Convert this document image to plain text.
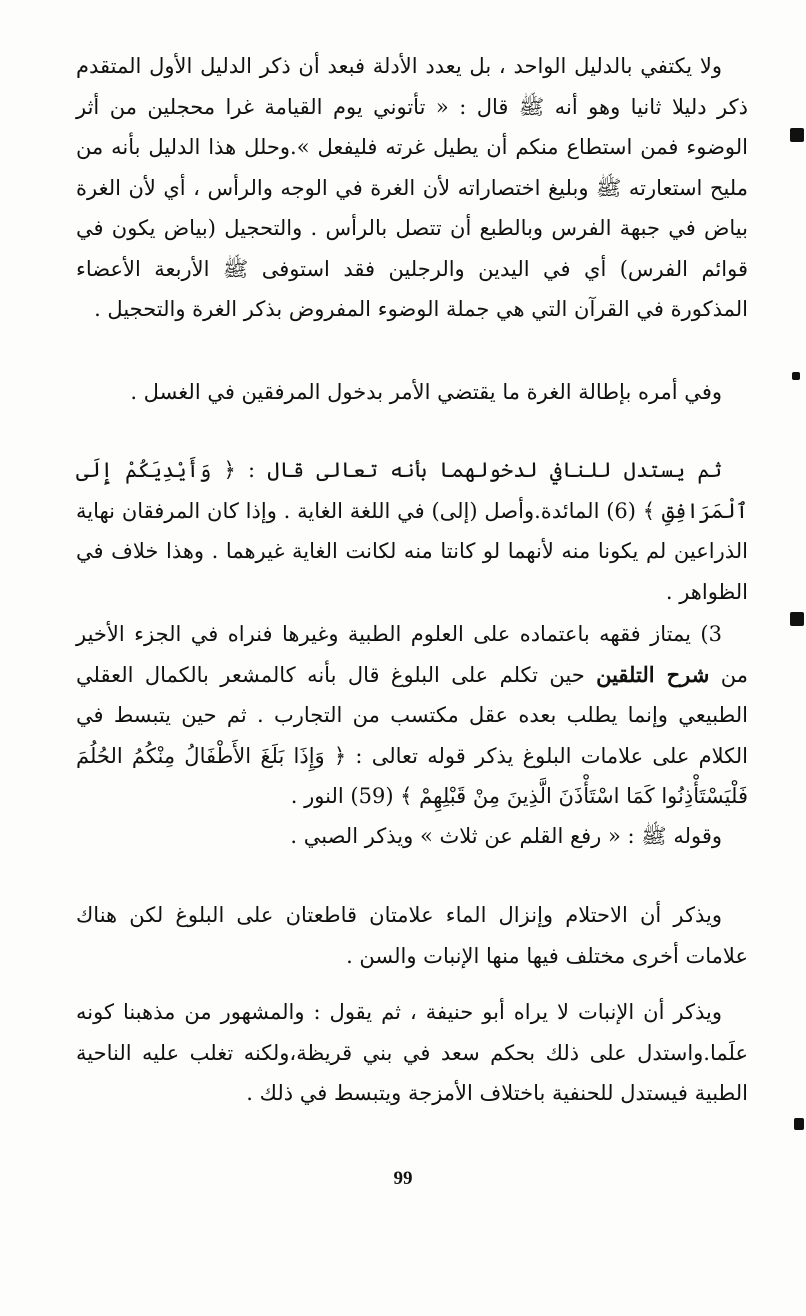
ولا يكتفي بالدليل الواحد ، بل يعدد الأدلة فبعد أن ذكر الدليل الأول المتقدم ذكر دليلا ثانيا وهو أنه ﷺ قال : « تأتوني يوم القيامة غرا محجلين من أثر الوضوء فمن استطاع منكم أن يطيل غرته فليفعل ».وحلل هذا الدليل بأنه من مليح استعارته ﷺ وبليغ اختصاراته لأن الغرة في الوجه والرأس ، أي لأن الغرة بياض في جبهة الفرس وبالطبع أن تتصل بالرأس . والتحجيل (بياض يكون في قوائم الفرس) أي في اليدين والرجلين فقد استوفى ﷺ الأربعة الأعضاء المذكورة في القرآن التي هي جملة الوضوء المفروض بذكر الغرة والتحجيل .

وفي أمره بإطالة الغرة ما يقتضي الأمر بدخول المرفقين في الغسل .

ثم يستدل للنافي لدخولهما بأنه تعالى قال : ﴿ وَأَيْدِيَكُمْ إِلَى ٱلْمَرَافِقِ ﴾ (6) المائدة.وأصل (إلى) في اللغة الغاية . وإذا كان المرفقان نهاية الذراعين لم يكونا منه لأنهما لو كانتا منه لكانت الغاية غيرهما . وهذا خلاف في الظواهر .

3) يمتاز فقهه باعتماده على العلوم الطبية وغيرها فنراه في الجزء الأخير من شرح التلقين حين تكلم على البلوغ قال بأنه كالمشعر بالكمال العقلي الطبيعي وإنما يطلب بعده عقل مكتسب من التجارب . ثم حين يتبسط في الكلام على علامات البلوغ يذكر قوله تعالى : ﴿ وَإِذَا بَلَغَ الأَطْفَالُ مِنْكُمُ الحُلُمَ فَلْيَسْتَأْذِنُوا كَمَا اسْتَأْذَنَ الَّذِينَ مِنْ قَبْلِهِمْ ﴾ (59) النور .

وقوله ﷺ : « رفع القلم عن ثلاث » ويذكر الصبي .

ويذكر أن الاحتلام وإنزال الماء علامتان قاطعتان على البلوغ لكن هناك علامات أخرى مختلف فيها منها الإنبات والسن .

ويذكر أن الإنبات لا يراه أبو حنيفة ، ثم يقول : والمشهور من مذهبنا كونه علَما.واستدل على ذلك بحكم سعد في بني قريظة،ولكنه تغلب عليه الناحية الطبية فيستدل للحنفية باختلاف الأمزجة ويتبسط في ذلك .

99
